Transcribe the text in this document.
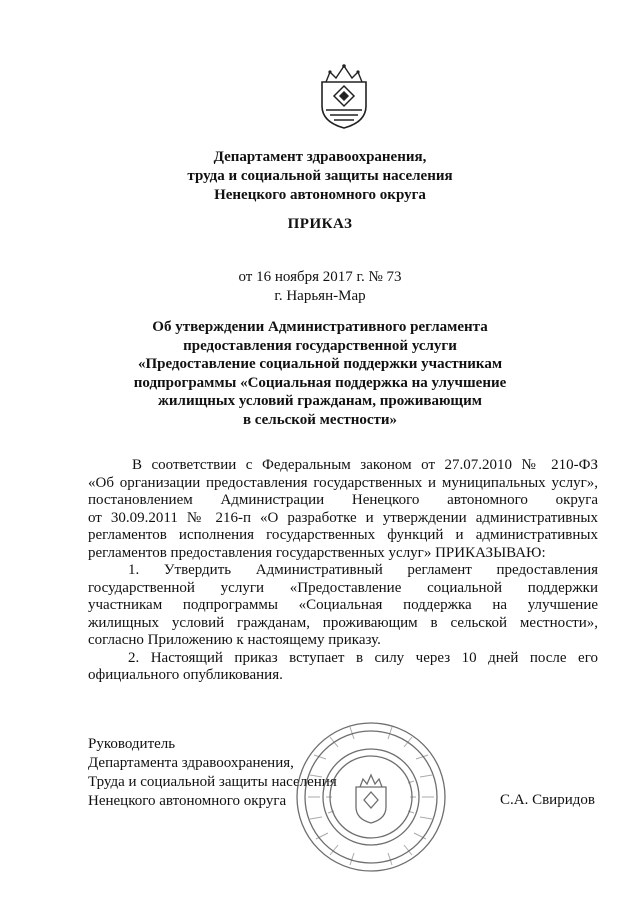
Департамент здравоохранения,
труда и социальной защиты населения
Ненецкого автономного округа
ПРИКАЗ
от 16 ноября 2017 г. № 73
г. Нарьян-Мар
Об утверждении Административного регламента
предоставления государственной услуги
«Предоставление социальной поддержки участникам
подпрограммы «Социальная поддержка на улучшение
жилищных условий гражданам, проживающим
в сельской местности»
В соответствии с Федеральным законом от 27.07.2010 № 210-ФЗ
«Об организации предоставления государственных и муниципальных услуг»,
постановлением Администрации Ненецкого автономного округа
от 30.09.2011 № 216-п «О разработке и утверждении административных
регламентов исполнения государственных функций и административных
регламентов предоставления государственных услуг» ПРИКАЗЫВАЮ:
1. Утвердить Административный регламент предоставления
государственной услуги «Предоставление социальной поддержки
участникам подпрограммы «Социальная поддержка на улучшение
жилищных условий гражданам, проживающим в сельской местности»,
согласно Приложению к настоящему приказу.
2. Настоящий приказ вступает в силу через 10 дней после его
официального опубликования.
Руководитель
Департамента здравоохранения,
Труда и социальной защиты населения
Ненецкого автономного округа	С.А. Свиридов
